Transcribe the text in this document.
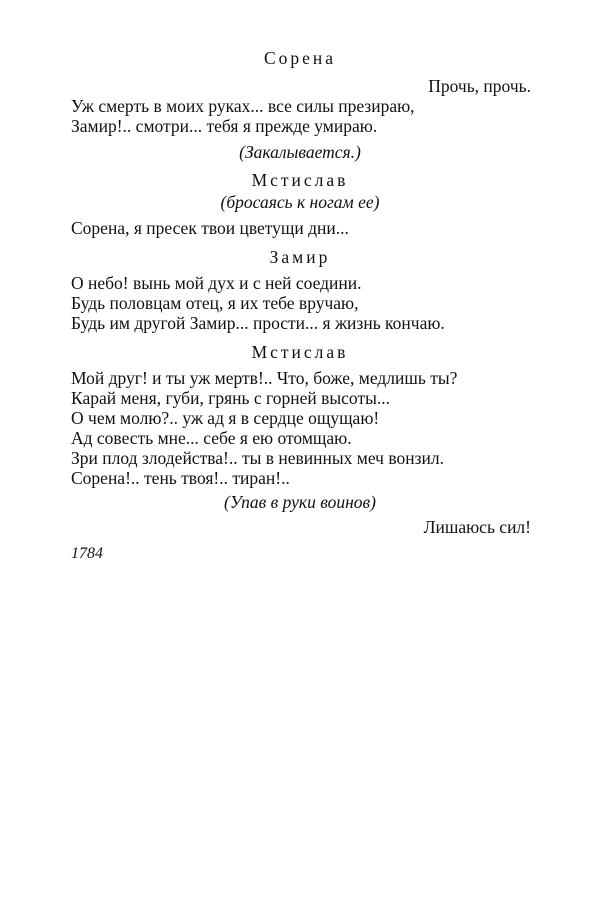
Сорена
Прочь, прочь.
Уж смерть в моих руках... все силы презираю,
Замир!.. смотри... тебя я прежде умираю.
(Закалывается.)
Мстислав
(бросаясь к ногам ее)
Сорена, я пресек твои цветущи дни...
Замир
О небо! вынь мой дух и с ней соедини.
Будь половцам отец, я их тебе вручаю,
Будь им другой Замир... прости... я жизнь кончаю.
Мстислав
Мой друг! и ты уж мертв!.. Что, боже, медлишь ты?
Карай меня, губи, грянь с горней высоты...
О чем молю?.. уж ад я в сердце ощущаю!
Ад совесть мне... себе я ею отомщаю.
Зри плод злодейства!.. ты в невинных меч вонзил.
Сорена!.. тень твоя!.. тиран!..
(Упав в руки воинов)
Лишаюсь сил!
1784
